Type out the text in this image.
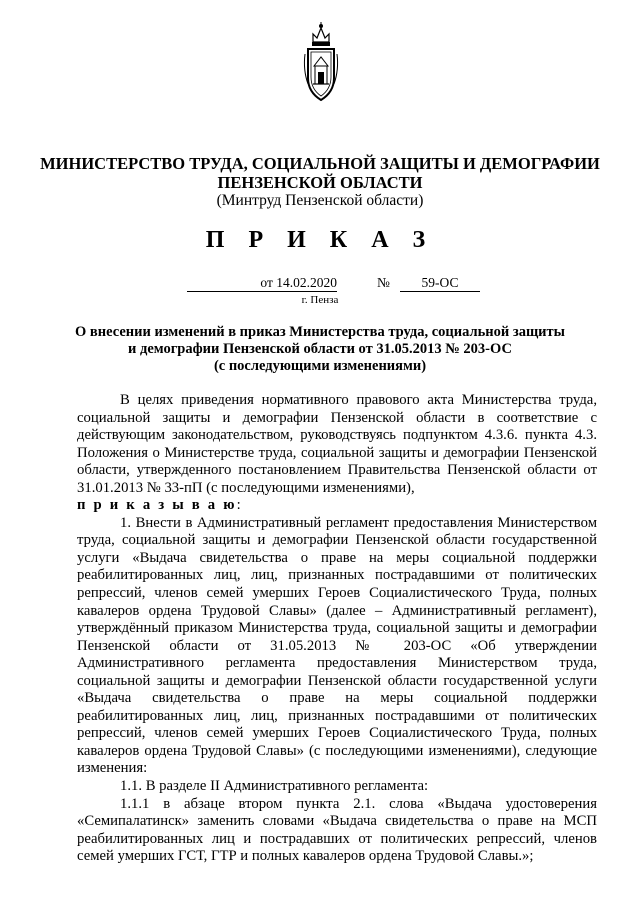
МИНИСТЕРСТВО ТРУДА, СОЦИАЛЬНОЙ ЗАЩИТЫ И ДЕМОГРАФИИ
ПЕНЗЕНСКОЙ ОБЛАСТИ
(Минтруд Пензенской области)
П Р И К А З
от 14.02.2020	№	59-ОС
г. Пенза
О внесении изменений в приказ Министерства труда, социальной защиты
и демографии Пензенской области от 31.05.2013 № 203-ОС
(с последующими изменениями)

В целях приведения нормативного правового акта Министерства труда, социальной защиты и демографии Пензенской области в соответствие с действующим законодательством, руководствуясь подпунктом 4.3.6. пункта 4.3. Положения о Министерстве труда, социальной защиты и демографии Пензенской области, утвержденного постановлением Правительства Пензенской области от 31.01.2013 № 33-пП (с последующими изменениями),

п р и к а з ы в а ю:

1. Внести в Административный регламент предоставления Министерством труда, социальной защиты и демографии Пензенской области государственной услуги «Выдача свидетельства о праве на меры социальной поддержки реабилитированных лиц, лиц, признанных пострадавшими от политических репрессий, членов семей умерших Героев Социалистического Труда, полных кавалеров ордена Трудовой Славы» (далее – Административный регламент), утверждённый приказом Министерства труда, социальной защиты и демографии Пензенской области от 31.05.2013 № 203-ОС «Об утверждении Административного регламента предоставления Министерством труда, социальной защиты и демографии Пензенской области государственной услуги «Выдача свидетельства о праве на меры социальной поддержки реабилитированных лиц, лиц, признанных пострадавшими от политических репрессий, членов семей умерших Героев Социалистического Труда, полных кавалеров ордена Трудовой Славы» (с последующими изменениями), следующие изменения:

1.1. В разделе II Административного регламента:

1.1.1 в абзаце втором пункта 2.1. слова «Выдача удостоверения «Семипалатинск» заменить словами «Выдача свидетельства о праве на МСП реабилитированных лиц и пострадавших от политических репрессий, членов семей умерших ГСТ, ГТР и полных кавалеров ордена Трудовой Славы.»;
